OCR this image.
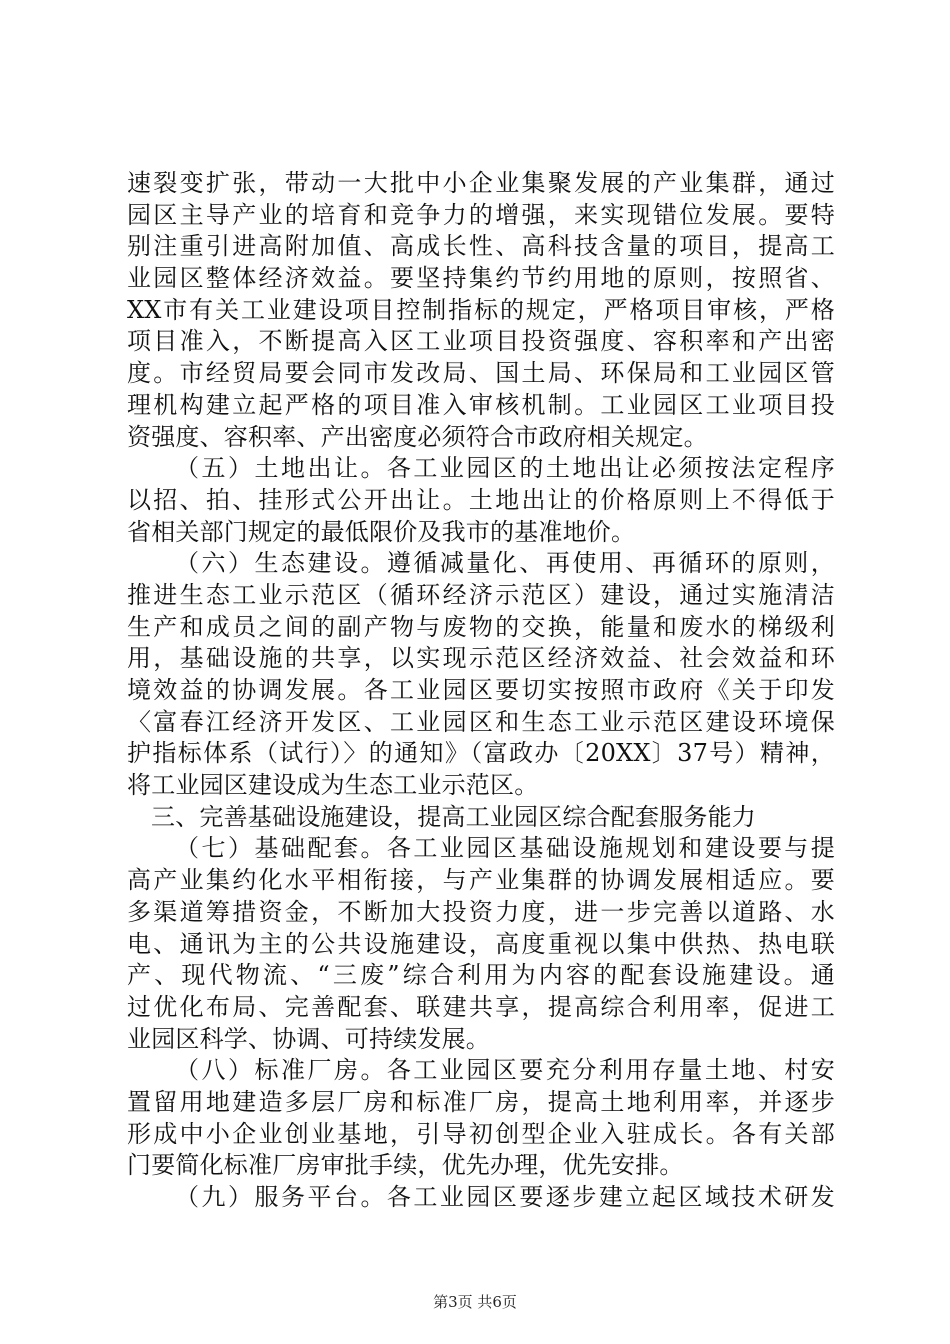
速裂变扩张，带动一大批中小企业集聚发展的产业集群，通过
园区主导产业的培育和竞争力的增强，来实现错位发展。要特
别注重引进高附加值、高成长性、高科技含量的项目，提高工
业园区整体经济效益。要坚持集约节约用地的原则，按照省、
XX市有关工业建设项目控制指标的规定，严格项目审核，严格
项目准入，不断提高入区工业项目投资强度、容积率和产出密
度。市经贸局要会同市发改局、国土局、环保局和工业园区管
理机构建立起严格的项目准入审核机制。工业园区工业项目投
资强度、容积率、产出密度必须符合市政府相关规定。
（五）土地出让。各工业园区的土地出让必须按法定程序
以招、拍、挂形式公开出让。土地出让的价格原则上不得低于
省相关部门规定的最低限价及我市的基准地价。
（六）生态建设。遵循减量化、再使用、再循环的原则，
推进生态工业示范区（循环经济示范区）建设，通过实施清洁
生产和成员之间的副产物与废物的交换，能量和废水的梯级利
用，基础设施的共享，以实现示范区经济效益、社会效益和环
境效益的协调发展。各工业园区要切实按照市政府《关于印发
〈富春江经济开发区、工业园区和生态工业示范区建设环境保
护指标体系（试行）〉的通知》（富政办〔20XX〕37号）精神，
将工业园区建设成为生态工业示范区。
三、完善基础设施建设，提高工业园区综合配套服务能力
（七）基础配套。各工业园区基础设施规划和建设要与提
高产业集约化水平相衔接，与产业集群的协调发展相适应。要
多渠道筹措资金，不断加大投资力度，进一步完善以道路、水
电、通讯为主的公共设施建设，高度重视以集中供热、热电联
产、现代物流、“三废”综合利用为内容的配套设施建设。通
过优化布局、完善配套、联建共享，提高综合利用率，促进工
业园区科学、协调、可持续发展。
（八）标准厂房。各工业园区要充分利用存量土地、村安
置留用地建造多层厂房和标准厂房，提高土地利用率，并逐步
形成中小企业创业基地，引导初创型企业入驻成长。各有关部
门要简化标准厂房审批手续，优先办理，优先安排。
（九）服务平台。各工业园区要逐步建立起区域技术研发
第3页 共6页
